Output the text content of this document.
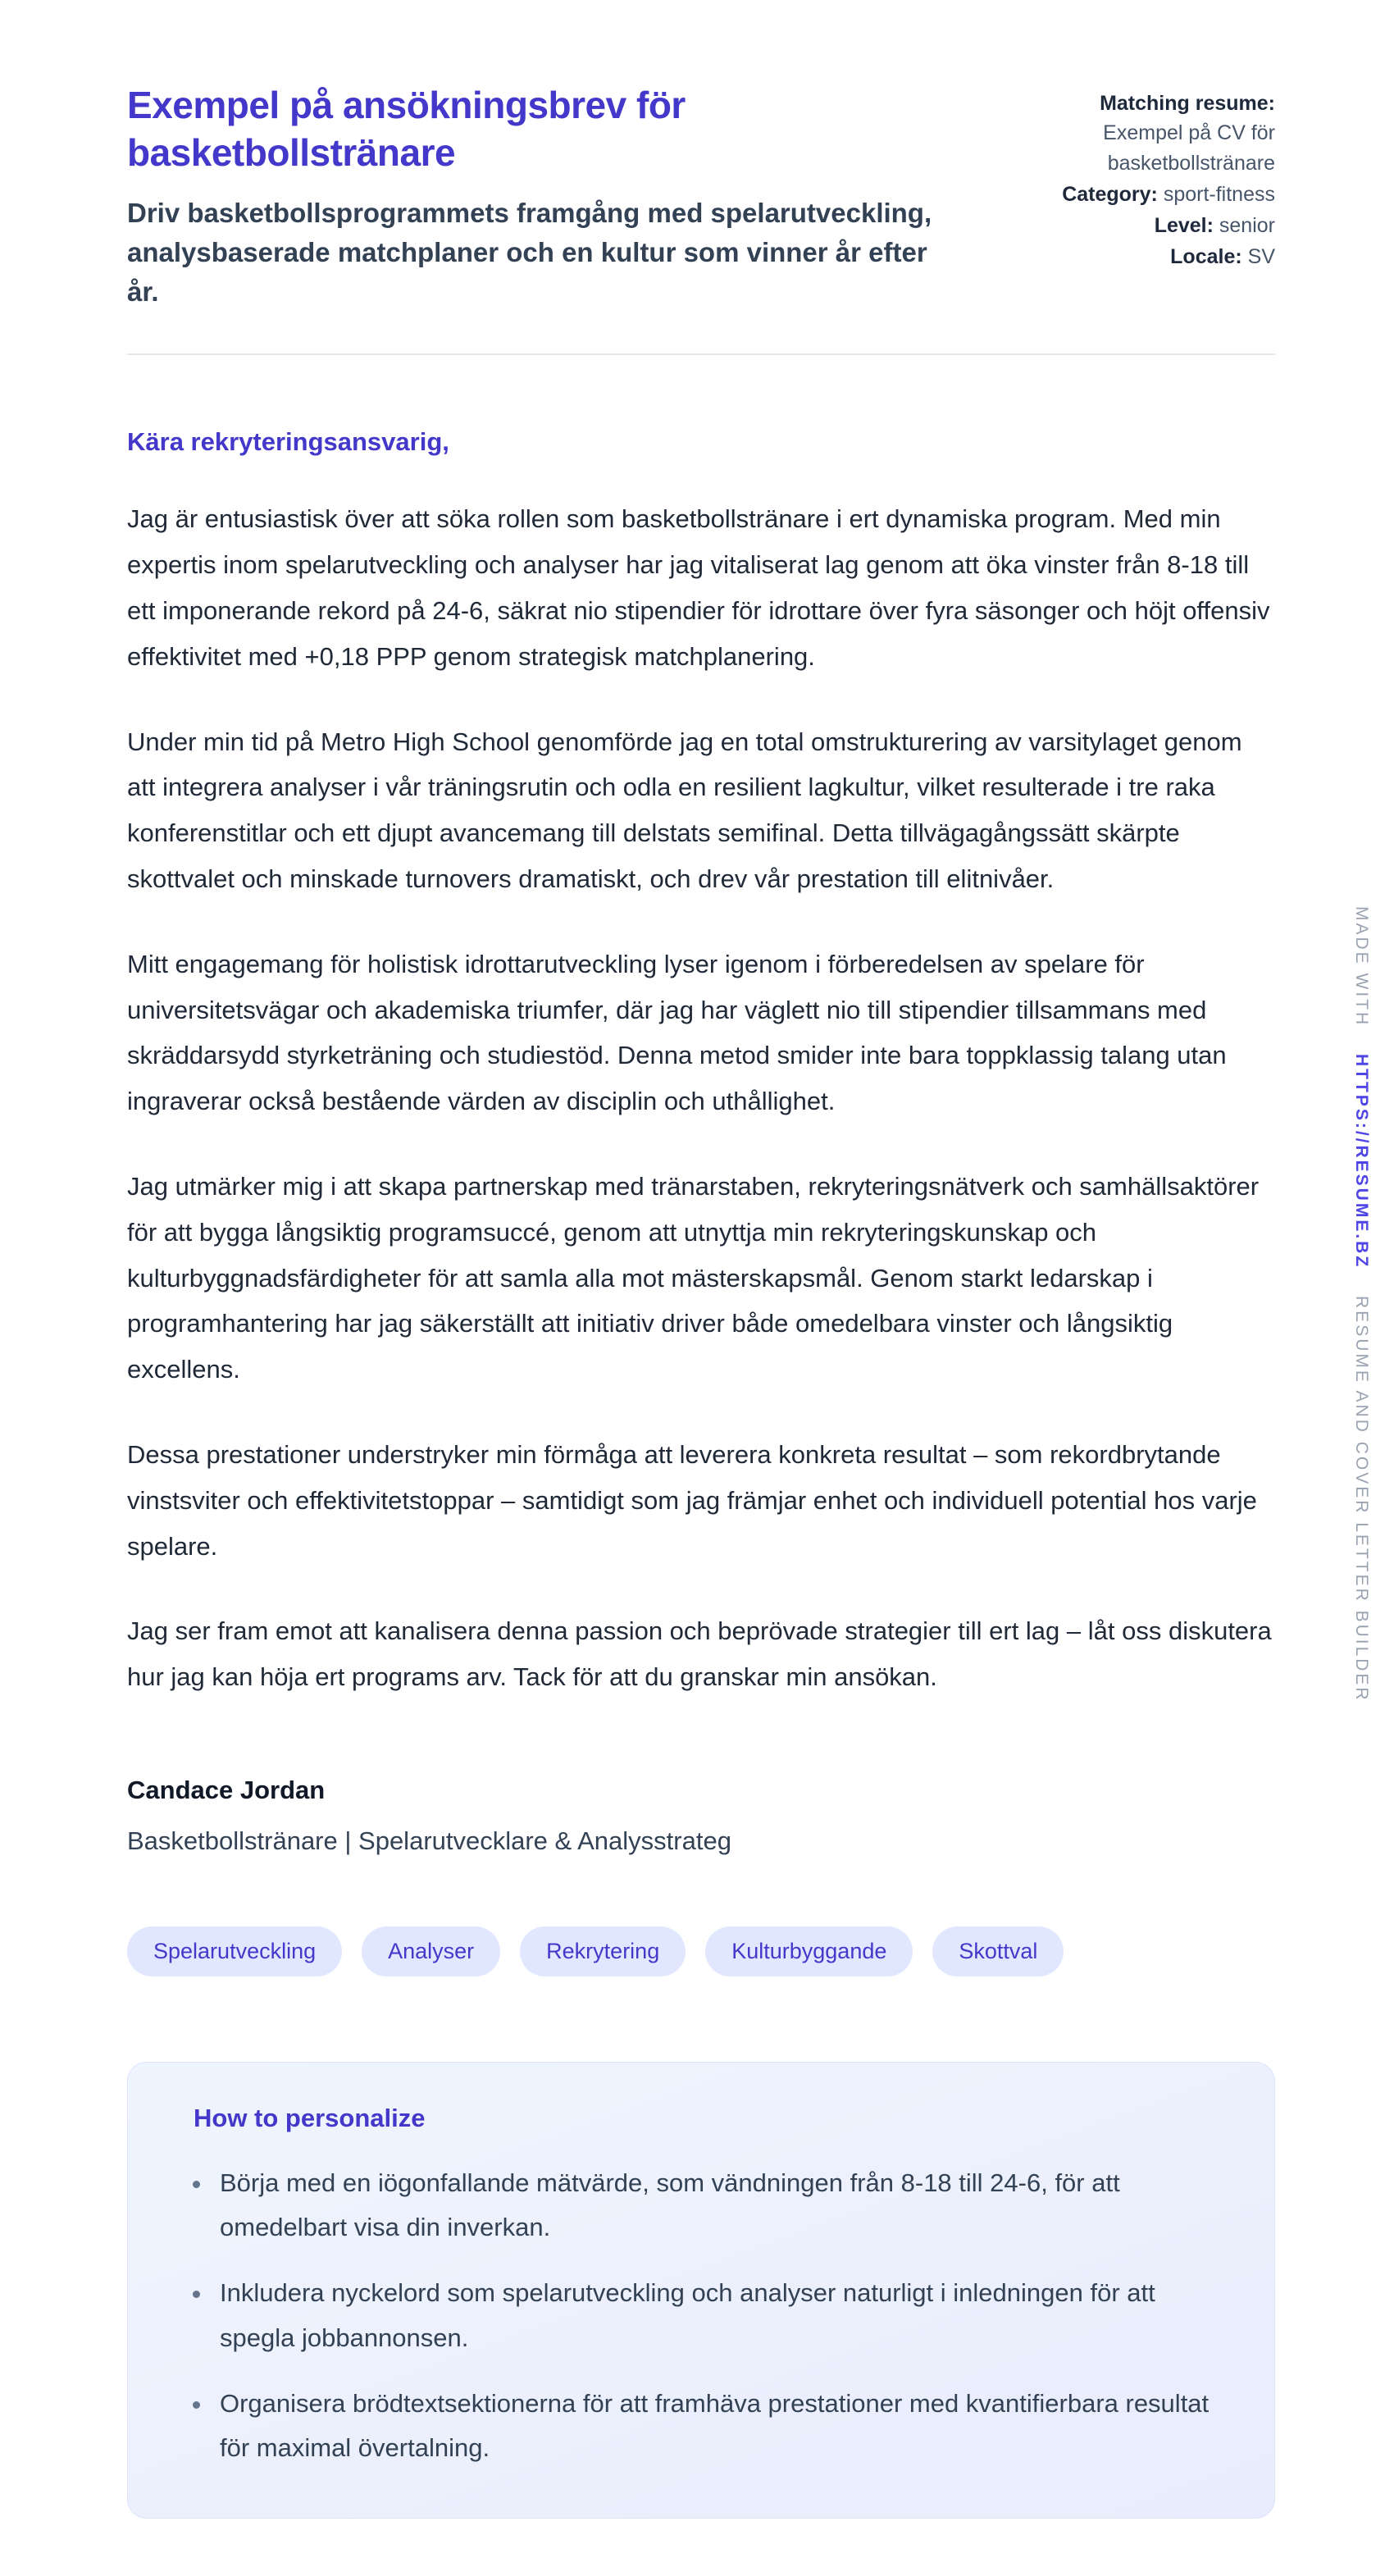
Exempel på ansökningsbrev för basketbollstränare

Driv basketbollsprogrammets framgång med spelarutveckling, analysbaserade matchplaner och en kultur som vinner år efter år.

Matching resume:
Exempel på CV för basketbollstränare
Category: sport-fitness
Level: senior
Locale: SV

Kära rekryteringsansvarig,

Jag är entusiastisk över att söka rollen som basketbollstränare i ert dynamiska program. Med min expertis inom spelarutveckling och analyser har jag vitaliserat lag genom att öka vinster från 8-18 till ett imponerande rekord på 24-6, säkrat nio stipendier för idrottare över fyra säsonger och höjt offensiv effektivitet med +0,18 PPP genom strategisk matchplanering.

Under min tid på Metro High School genomförde jag en total omstrukturering av varsitylaget genom att integrera analyser i vår träningsrutin och odla en resilient lagkultur, vilket resulterade i tre raka konferenstitlar och ett djupt avancemang till delstats semifinal. Detta tillvägagångssätt skärpte skottvalet och minskade turnovers dramatiskt, och drev vår prestation till elitnivåer.

Mitt engagemang för holistisk idrottarutveckling lyser igenom i förberedelsen av spelare för universitetsvägar och akademiska triumfer, där jag har väglett nio till stipendier tillsammans med skräddarsydd styrketräning och studiestöd. Denna metod smider inte bara toppklassig talang utan ingraverar också bestående värden av disciplin och uthållighet.

Jag utmärker mig i att skapa partnerskap med tränarstaben, rekryteringsnätverk och samhällsaktörer för att bygga långsiktig programsuccé, genom att utnyttja min rekryteringskunskap och kulturbyggnadsfärdigheter för att samla alla mot mästerskapsmål. Genom starkt ledarskap i programhantering har jag säkerställt att initiativ driver både omedelbara vinster och långsiktig excellens.

Dessa prestationer understryker min förmåga att leverera konkreta resultat – som rekordbrytande vinstsviter och effektivitetstoppar – samtidigt som jag främjar enhet och individuell potential hos varje spelare.

Jag ser fram emot att kanalisera denna passion och beprövade strategier till ert lag – låt oss diskutera hur jag kan höja ert programs arv. Tack för att du granskar min ansökan.

Candace Jordan

Basketbollstränare | Spelarutvecklare & Analysstrateg

Spelarutveckling	Analyser	Rekrytering	Kulturbyggande	Skottval
How to personalize
• Börja med en iögonfallande mätvärde, som vändningen från 8-18 till 24-6, för att omedelbart visa din inverkan.
• Inkludera nyckelord som spelarutveckling och analyser naturligt i inledningen för att spegla jobbannonsen.
• Organisera brödtextsektionerna för att framhäva prestationer med kvantifierbara resultat för maximal övertalning.
MADE WITH HTTPS://RESUME.BZ RESUME AND COVER LETTER BUILDER
